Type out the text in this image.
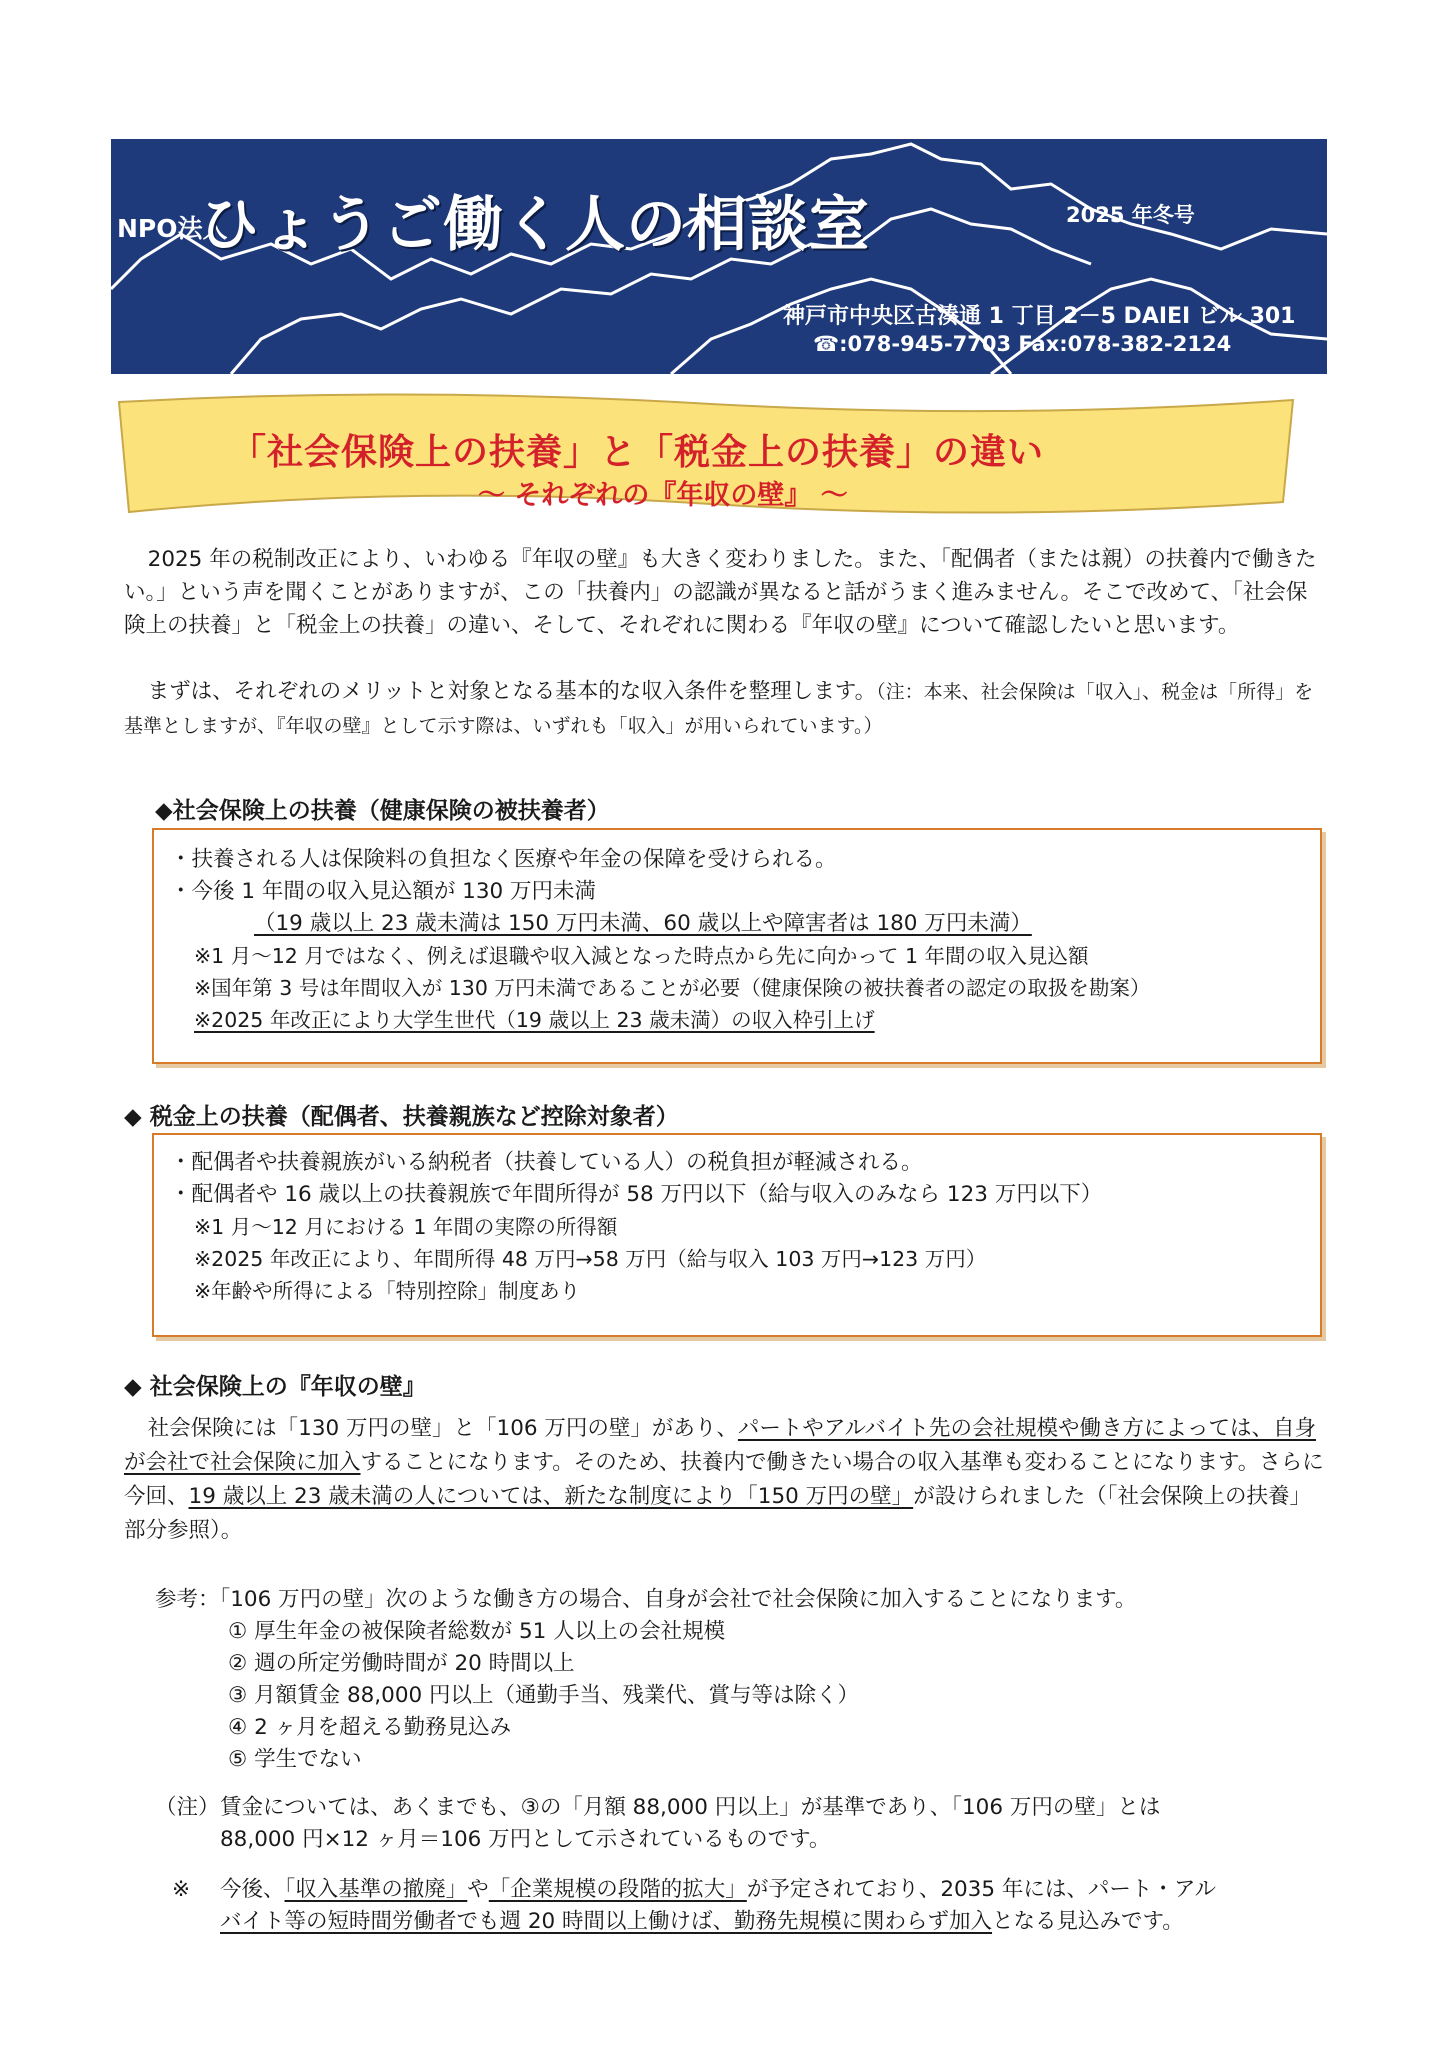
NPO法人
ひょうご働く人の相談室	2025 年冬号
神戸市中央区古湊通 1 丁目 2－5 DAIEI ビル 301
☎:078-945-7703 Fax:078-382-2124
「社会保険上の扶養」と「税金上の扶養」の違い
～ それぞれの『年収の壁』 ～
2025 年の税制改正により、いわゆる『年収の壁』も大きく変わりました。また、「配偶者（または親）の扶養内で働きたい。」という声を聞くことがありますが、この「扶養内」の認識が異なると話がうまく進みません。そこで改めて、「社会保険上の扶養」と「税金上の扶養」の違い、そして、それぞれに関わる『年収の壁』について確認したいと思います。
まずは、それぞれのメリットと対象となる基本的な収入条件を整理します。（注：本来、社会保険は「収入」、税金は「所得」を基準としますが、『年収の壁』として示す際は、いずれも「収入」が用いられています。）
◆社会保険上の扶養（健康保険の被扶養者）

・扶養される人は保険料の負担なく医療や年金の保障を受けられる。

・今後 1 年間の収入見込額が 130 万円未満

（19 歳以上 23 歳未満は 150 万円未満、60 歳以上や障害者は 180 万円未満）

※1 月～12 月ではなく、例えば退職や収入減となった時点から先に向かって 1 年間の収入見込額

※国年第 3 号は年間収入が 130 万円未満であることが必要（健康保険の被扶養者の認定の取扱を勘案）

※2025 年改正により大学生世代（19 歳以上 23 歳未満）の収入枠引上げ

◆ 税金上の扶養（配偶者、扶養親族など控除対象者）

・配偶者や扶養親族がいる納税者（扶養している人）の税負担が軽減される。

・配偶者や 16 歳以上の扶養親族で年間所得が 58 万円以下（給与収入のみなら 123 万円以下）

※1 月～12 月における 1 年間の実際の所得額

※2025 年改正により、年間所得 48 万円→58 万円（給与収入 103 万円→123 万円）

※年齢や所得による「特別控除」制度あり

◆ 社会保険上の『年収の壁』
社会保険には「130 万円の壁」と「106 万円の壁」があり、パートやアルバイト先の会社規模や働き方によっては、自身が会社で社会保険に加入することになります。そのため、扶養内で働きたい場合の収入基準も変わることになります。さらに今回、19 歳以上 23 歳未満の人については、新たな制度により「150 万円の壁」が設けられました（「社会保険上の扶養」部分参照）。
参考：「106 万円の壁」次のような働き方の場合、自身が会社で社会保険に加入することになります。
① 厚生年金の被保険者総数が 51 人以上の会社規模
② 週の所定労働時間が 20 時間以上
③ 月額賃金 88,000 円以上（通勤手当、残業代、賞与等は除く）
④ 2 ヶ月を超える勤務見込み
⑤ 学生でない
（注） 賃金については、あくまでも、③の「月額 88,000 円以上」が基準であり、「106 万円の壁」とは
88,000 円×12 ヶ月＝106 万円として示されているものです。
※ 今後、「収入基準の撤廃」や「企業規模の段階的拡大」が予定されており、2035 年には、パート・アル
バイト等の短時間労働者でも週 20 時間以上働けば、勤務先規模に関わらず加入となる見込みです。
